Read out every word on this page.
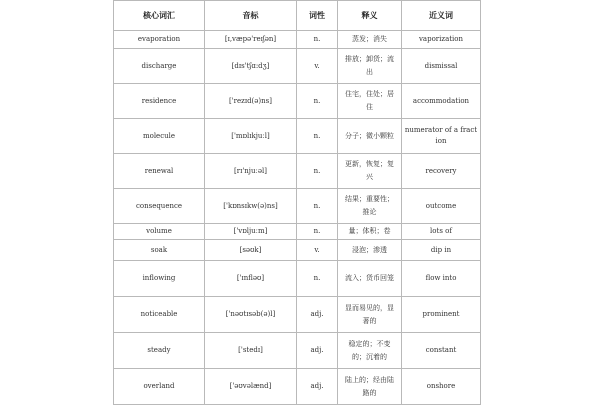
核心词汇	音标	词性	释义	近义词
evaporation	[ɪ,væpə'reɪʃən]	n.	蒸发；消失	vaporization
discharge	[dɪs'tʃɑ:dʒ]	v.	排放；卸货；流出	dismissal
residence	['rezɪd(ə)ns]	n.	住宅，住处；居住	accommodation
molecule	['mɒlɪkjuːl]	n.	分子；微小颗粒	numerator of a fraction
renewal	[rɪ'njuːəl]	n.	更新，恢复；复兴	recovery
consequence	['kɒnsɪkw(ə)ns]	n.	结果；重要性；推论	outcome
volume	['vɒljuːm]	n.	量；体积；卷	lots of
soak	[səʊk]	v.	浸泡；渗透	dip in
inflowing	['ɪnfləʊ]	n.	流入；货币回笼	flow into
noticeable	['nəʊtɪsəb(ə)l]	adj.	显而易见的，显著的	prominent
steady	['stedɪ]	adj.	稳定的；不变的；沉着的	constant
overland	['əʊvəlænd]	adj.	陆上的；经由陆路的	onshore
